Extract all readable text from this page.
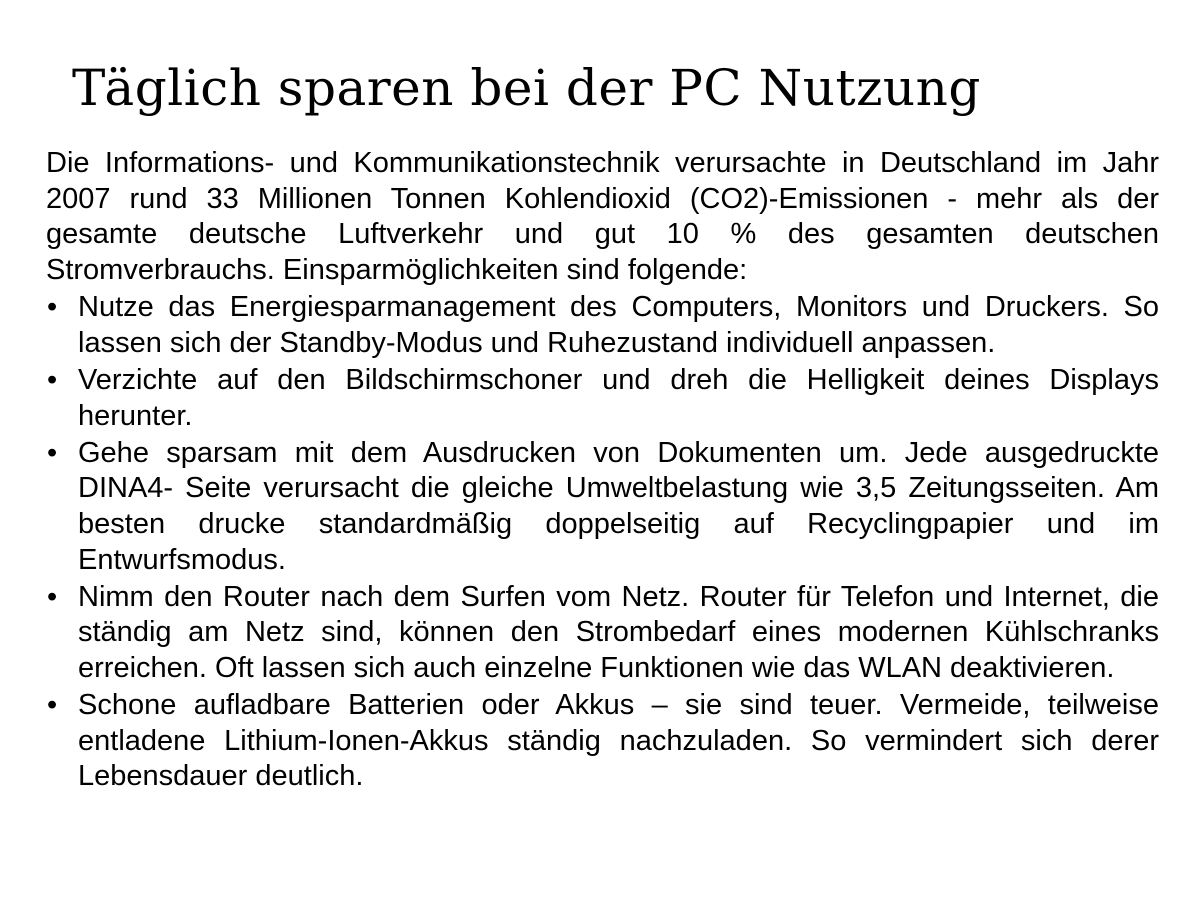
Täglich sparen bei der PC Nutzung

Die Informations- und Kommunikationstechnik verursachte in Deutschland im Jahr 2007 rund 33 Millionen Tonnen Kohlendioxid (CO2)-Emissionen - mehr als der gesamte deutsche Luftverkehr und gut 10 % des gesamten deutschen Stromverbrauchs. Einsparmöglichkeiten sind folgende:

• Nutze das Energiesparmanagement des Computers, Monitors und Druckers. So lassen sich der Standby-Modus und Ruhezustand individuell anpassen.
• Verzichte auf den Bildschirmschoner und dreh die Helligkeit deines Displays herunter.
• Gehe sparsam mit dem Ausdrucken von Dokumenten um. Jede ausgedruckte DINA4- Seite verursacht die gleiche Umweltbelastung wie 3,5 Zeitungsseiten. Am besten drucke standardmäßig doppelseitig auf Recyclingpapier und im Entwurfsmodus.
• Nimm den Router nach dem Surfen vom Netz. Router für Telefon und Internet, die ständig am Netz sind, können den Strombedarf eines modernen Kühlschranks erreichen. Oft lassen sich auch einzelne Funktionen wie das WLAN deaktivieren.
• Schone aufladbare Batterien oder Akkus – sie sind teuer. Vermeide, teilweise entladene Lithium-Ionen-Akkus ständig nachzuladen. So vermindert sich derer Lebensdauer deutlich.
